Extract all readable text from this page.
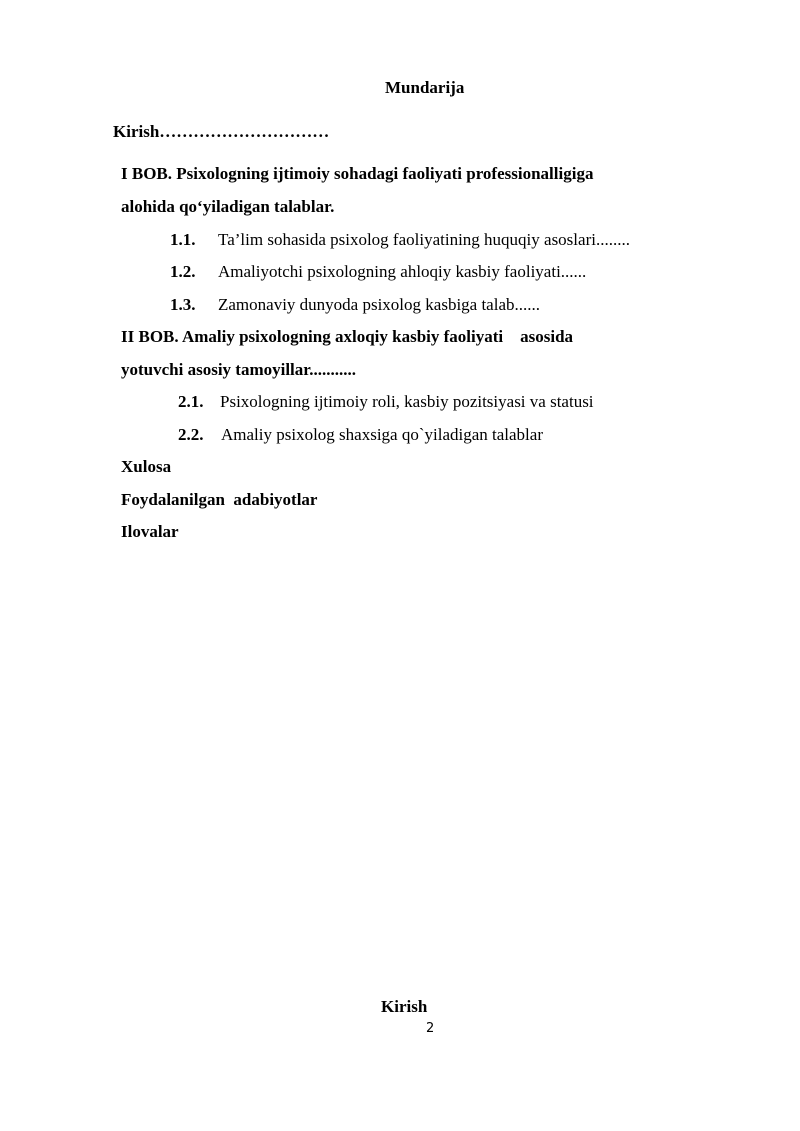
Mundarija
Kirish…………………………
I BOB. Psixologning ijtimoiy sohadagi faoliyati professionalligiga
alohida qo‘yiladigan talablar.
1.1. Ta’lim sohasida psixolog faoliyatining huquqiy asoslari........
1.2. Amaliyotchi psixologning ahloqiy kasbiy faoliyati......
1.3. Zamonaviy dunyoda psixolog kasbiga talab......
II BOB. Amaliy psixologning axloqiy kasbiy faoliyati    asosida
yotuvchi asosiy tamoyillar...........
2.1. Psixologning ijtimoiy roli, kasbiy pozitsiyasi va statusi
2.2. Amaliy psixolog shaxsiga qo`yiladigan talablar
Xulosa
Foydalanilgan  adabiyotlar
Ilovalar
Kirish
2
